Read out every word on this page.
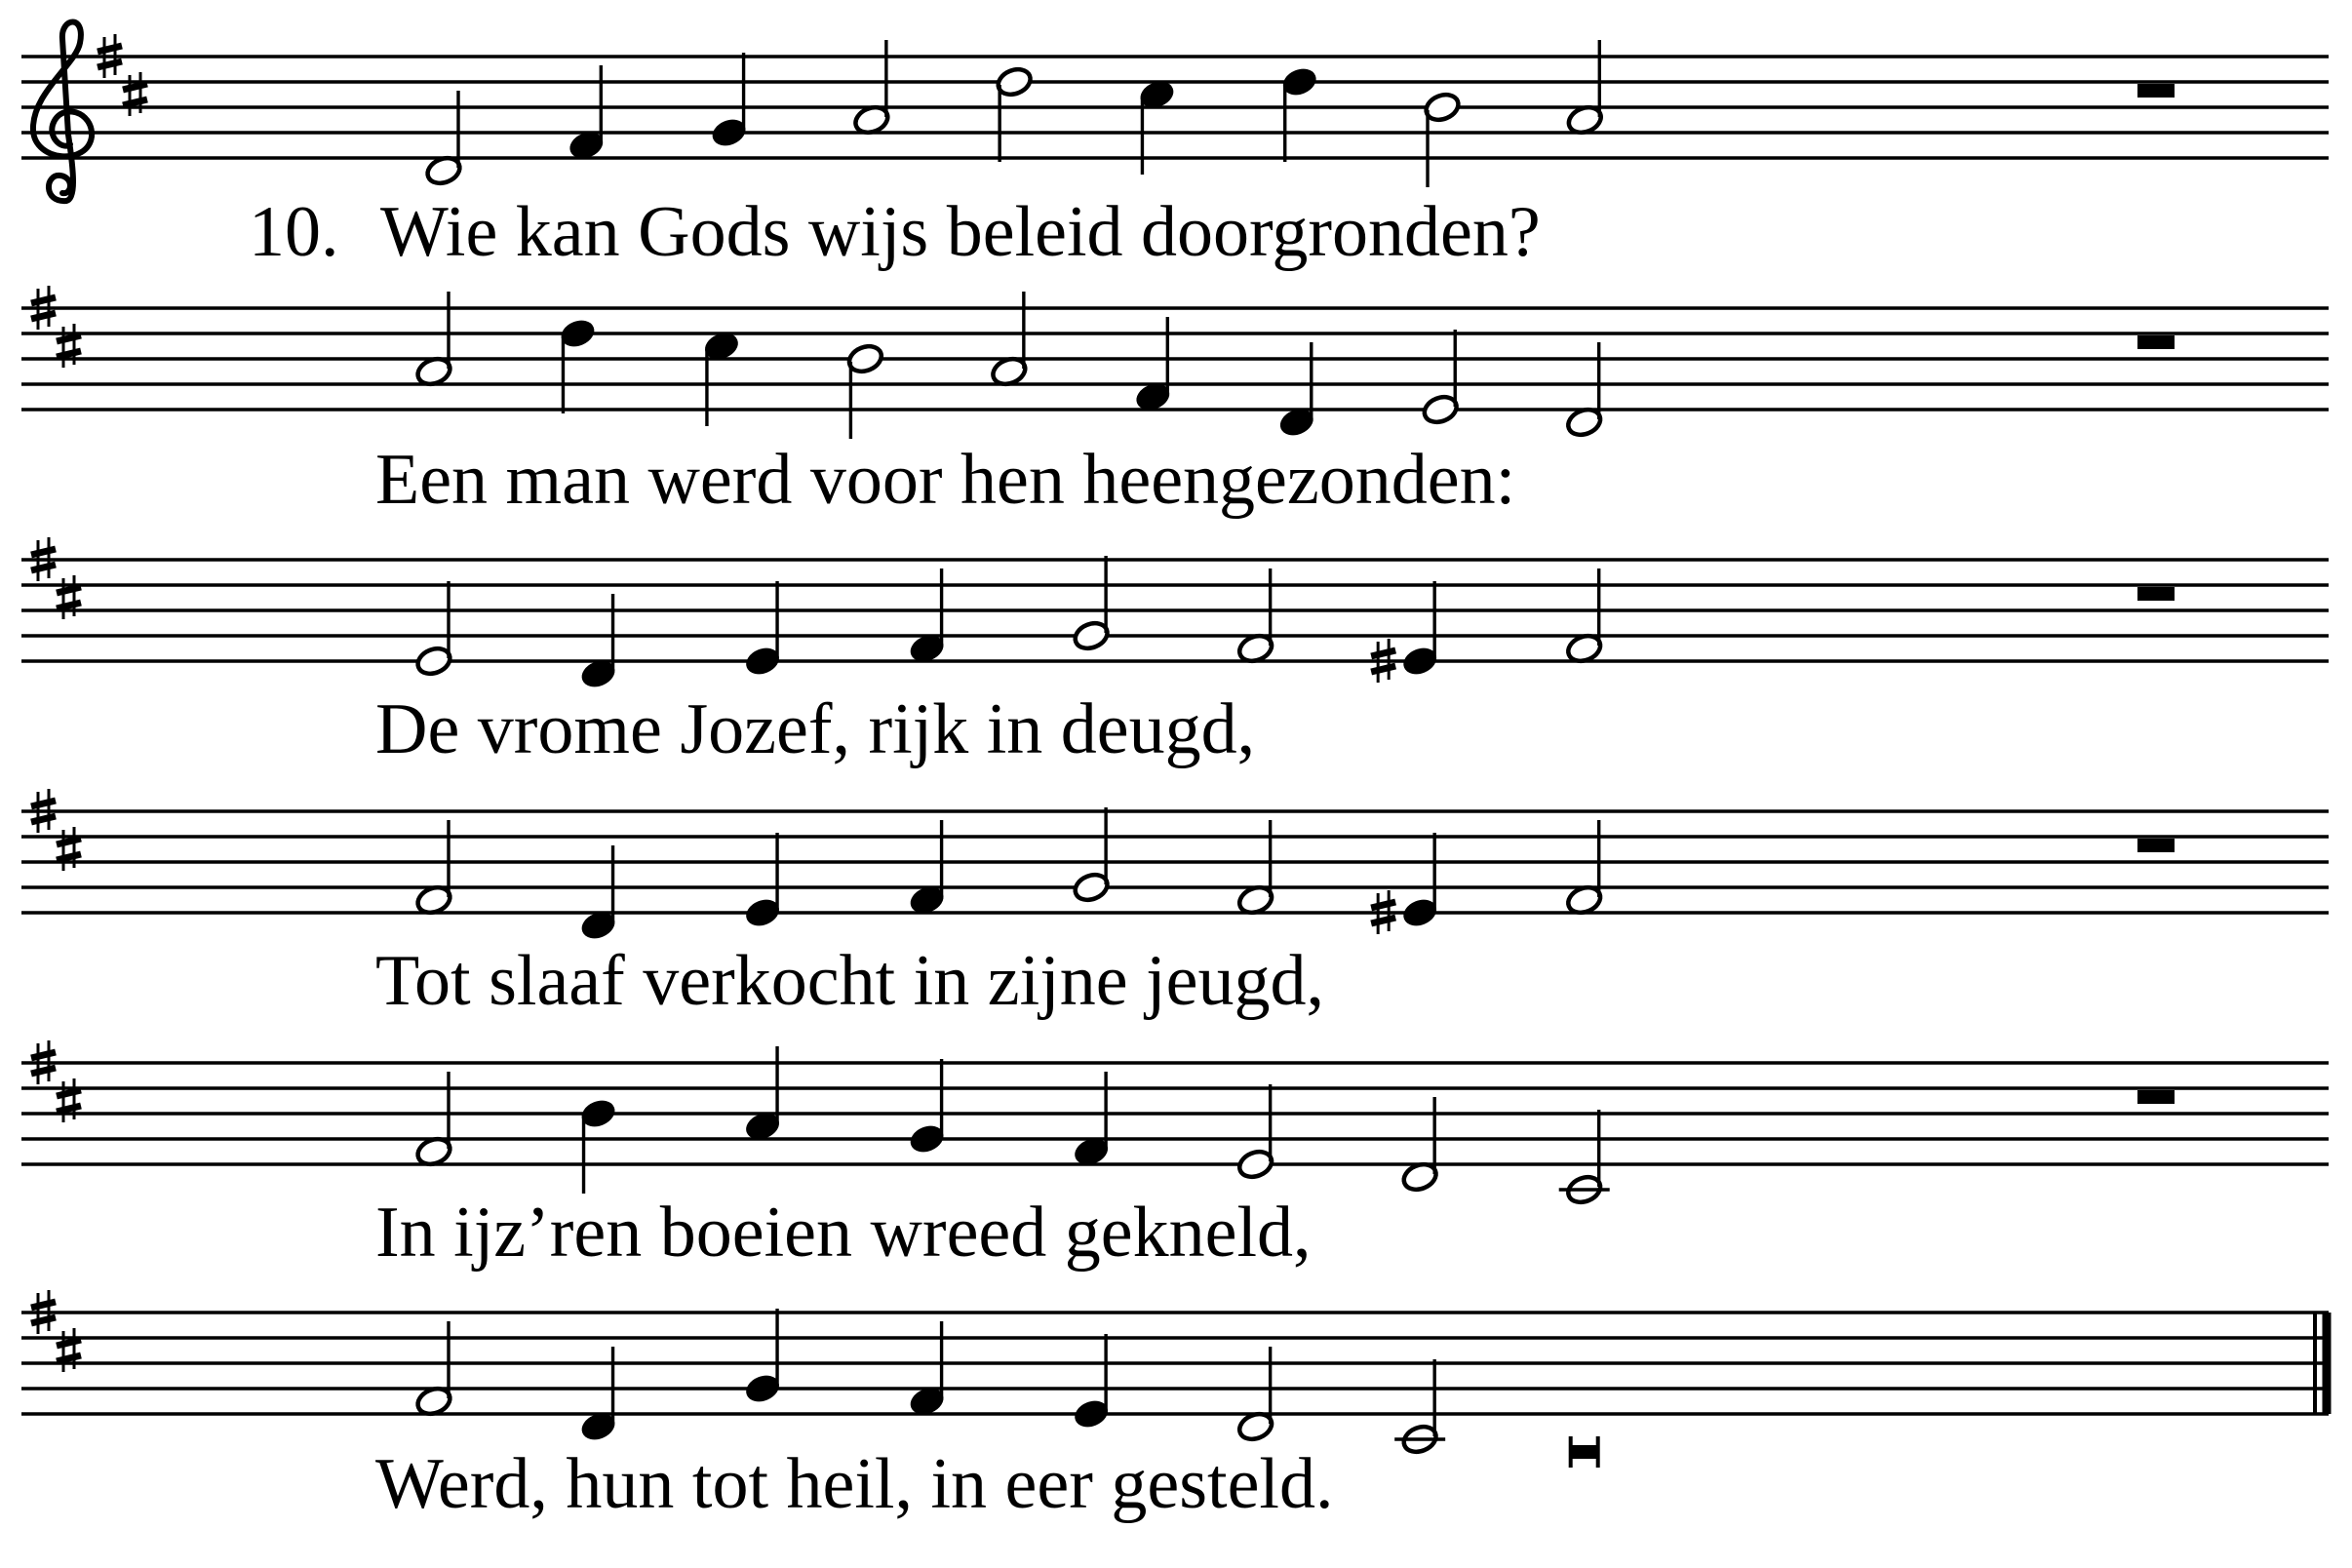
10. Wie kan Gods wijs beleid doorgronden?
Een man werd voor hen heengezonden:
De vrome Jozef, rijk in deugd,
Tot slaaf verkocht in zijne jeugd,
In ijz’ren boeien wreed gekneld,
Werd, hun tot heil, in eer gesteld.
